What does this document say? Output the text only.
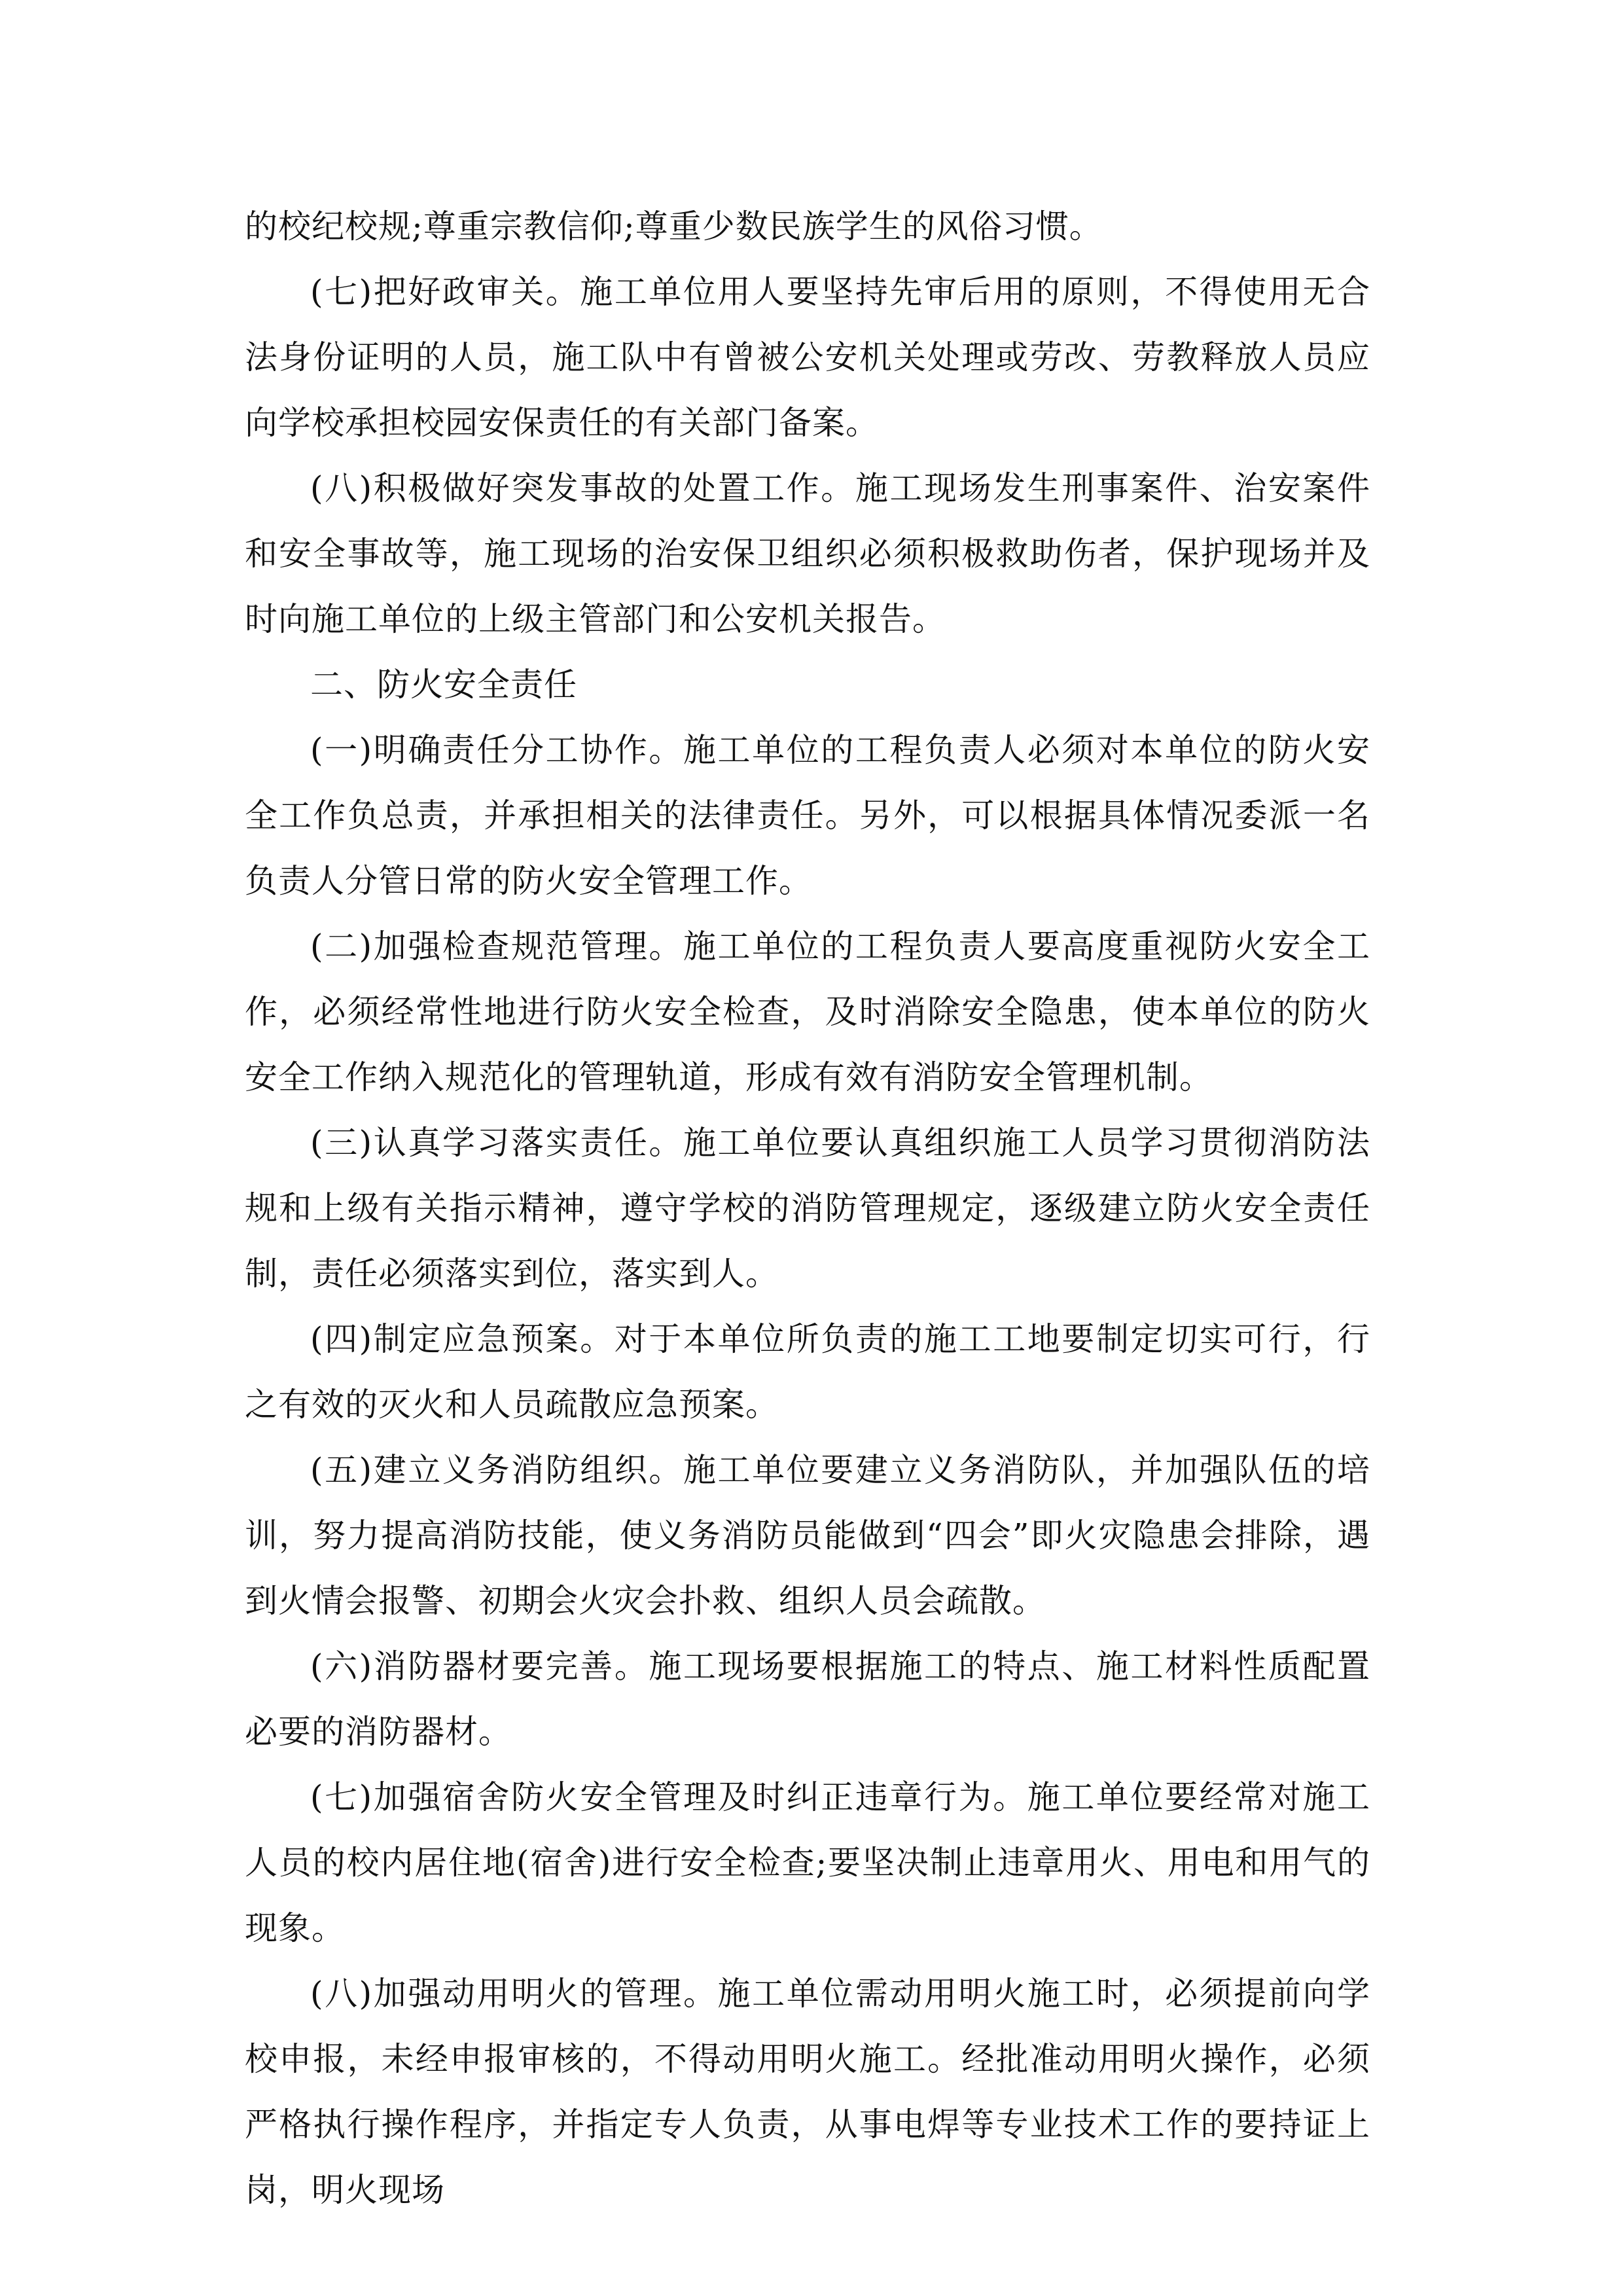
的校纪校规;尊重宗教信仰;尊重少数民族学生的风俗习惯。

(七)把好政审关。施工单位用人要坚持先审后用的原则，不得使用无合法身份证明的人员，施工队中有曾被公安机关处理或劳改、劳教释放人员应向学校承担校园安保责任的有关部门备案。

(八)积极做好突发事故的处置工作。施工现场发生刑事案件、治安案件和安全事故等，施工现场的治安保卫组织必须积极救助伤者，保护现场并及时向施工单位的上级主管部门和公安机关报告。

二、防火安全责任

(一)明确责任分工协作。施工单位的工程负责人必须对本单位的防火安全工作负总责，并承担相关的法律责任。另外，可以根据具体情况委派一名负责人分管日常的防火安全管理工作。

(二)加强检查规范管理。施工单位的工程负责人要高度重视防火安全工作，必须经常性地进行防火安全检查，及时消除安全隐患，使本单位的防火安全工作纳入规范化的管理轨道，形成有效有消防安全管理机制。

(三)认真学习落实责任。施工单位要认真组织施工人员学习贯彻消防法规和上级有关指示精神，遵守学校的消防管理规定，逐级建立防火安全责任制，责任必须落实到位，落实到人。

(四)制定应急预案。对于本单位所负责的施工工地要制定切实可行，行之有效的灭火和人员疏散应急预案。

(五)建立义务消防组织。施工单位要建立义务消防队，并加强队伍的培训，努力提高消防技能，使义务消防员能做到“四会”即火灾隐患会排除，遇到火情会报警、初期会火灾会扑救、组织人员会疏散。

(六)消防器材要完善。施工现场要根据施工的特点、施工材料性质配置必要的消防器材。

(七)加强宿舍防火安全管理及时纠正违章行为。施工单位要经常对施工人员的校内居住地(宿舍)进行安全检查;要坚决制止违章用火、用电和用气的现象。

(八)加强动用明火的管理。施工单位需动用明火施工时，必须提前向学校申报，未经申报审核的，不得动用明火施工。经批准动用明火操作，必须严格执行操作程序，并指定专人负责，从事电焊等专业技术工作的要持证上岗，明火现场
